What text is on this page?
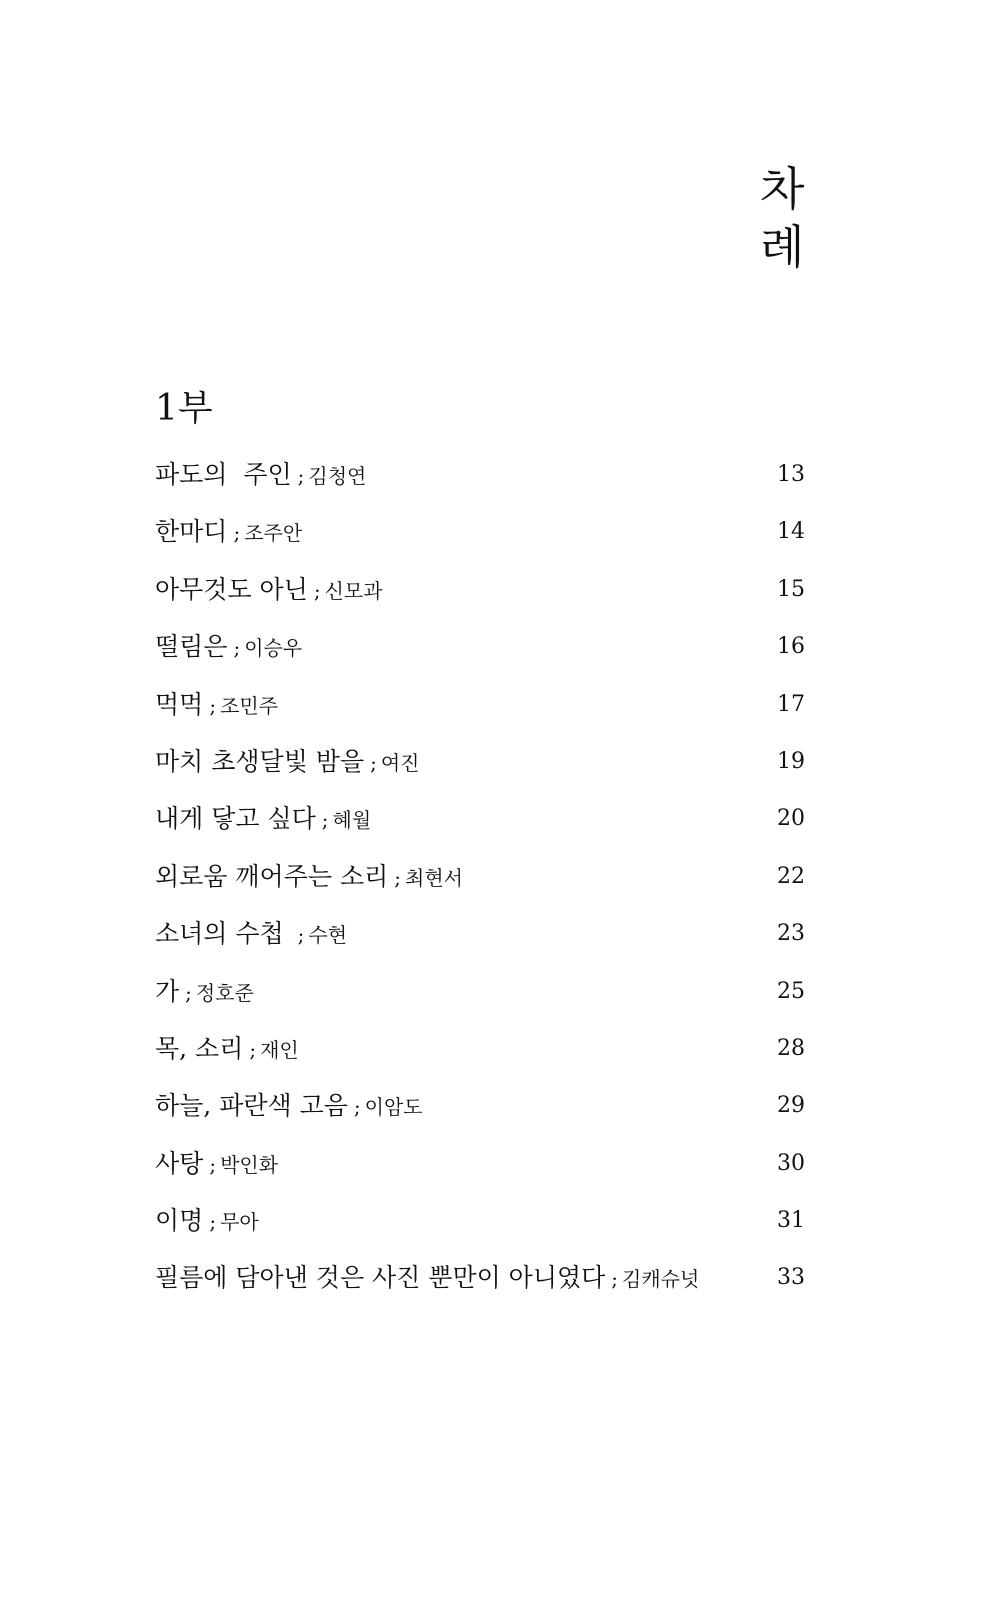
차
례
1부
파도의  주인 ; 김청연	13
한마디 ; 조주안	14
아무것도 아닌 ; 신모과	15
떨림은 ; 이승우	16
먹먹 ; 조민주	17
마치 초생달빛 밤을 ; 여진	19
내게 닿고 싶다 ; 혜월	20
외로움 깨어주는 소리 ; 최현서	22
소녀의 수첩 ; 수현	23
가 ; 정호준	25
목, 소리 ; 재인	28
하늘, 파란색 고음 ; 이암도	29
사탕 ; 박인화	30
이명 ; 무아	31
필름에 담아낸 것은 사진 뿐만이 아니였다 ; 김캐슈넛	33
